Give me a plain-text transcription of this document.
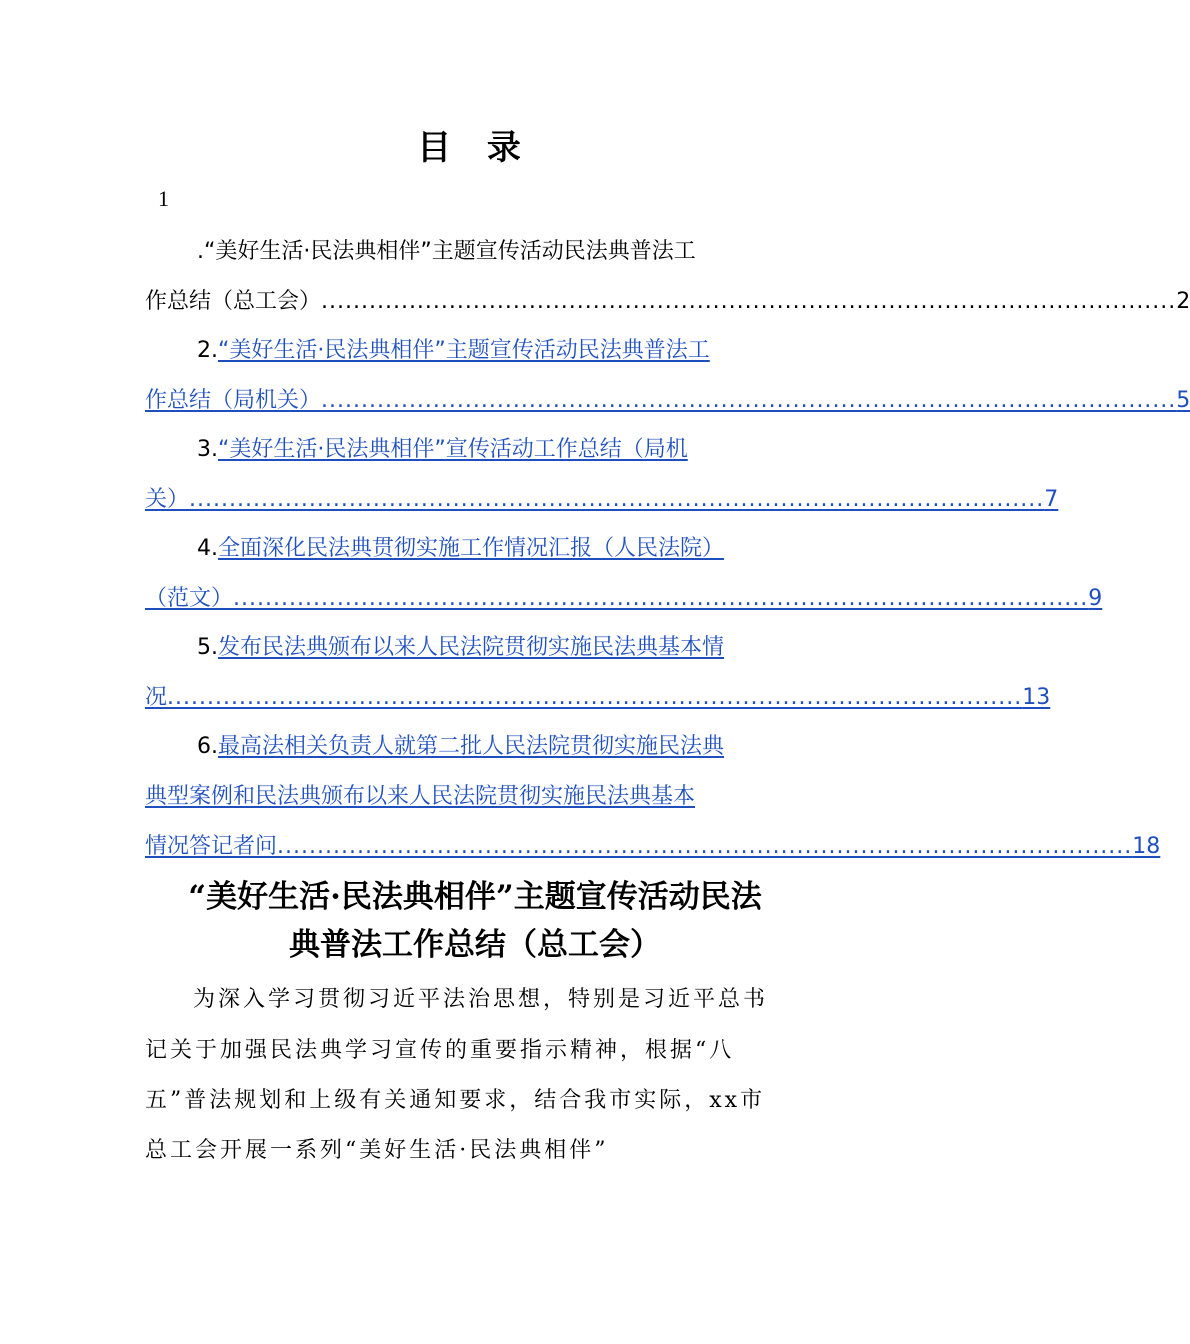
目 录
1
.“美好生活·民法典相伴”主题宣传活动民法典普法工
作总结（总工会） ........................................................................................................... 2
2.“美好生活·民法典相伴”主题宣传活动民法典普法工
作总结（局机关） ........................................................................................................... 5
3.“美好生活·民法典相伴”宣传活动工作总结（局机
关） ........................................................................................................... 7
4.全面深化民法典贯彻实施工作情况汇报（人民法院）
（范文） ........................................................................................................... 9
5.发布民法典颁布以来人民法院贯彻实施民法典基本情
况 ........................................................................................................... 13
6.最高法相关负责人就第二批人民法院贯彻实施民法典
典型案例和民法典颁布以来人民法院贯彻实施民法典基本
情况答记者问 ........................................................................................................... 18
“美好生活·民法典相伴”主题宣传活动民法
典普法工作总结（总工会）
为深入学习贯彻习近平法治思想，特别是习近平总书
记关于加强民法典学习宣传的重要指示精神，根据“八
五”普法规划和上级有关通知要求，结合我市实际，xx市
总工会开展一系列“美好生活·民法典相伴”
